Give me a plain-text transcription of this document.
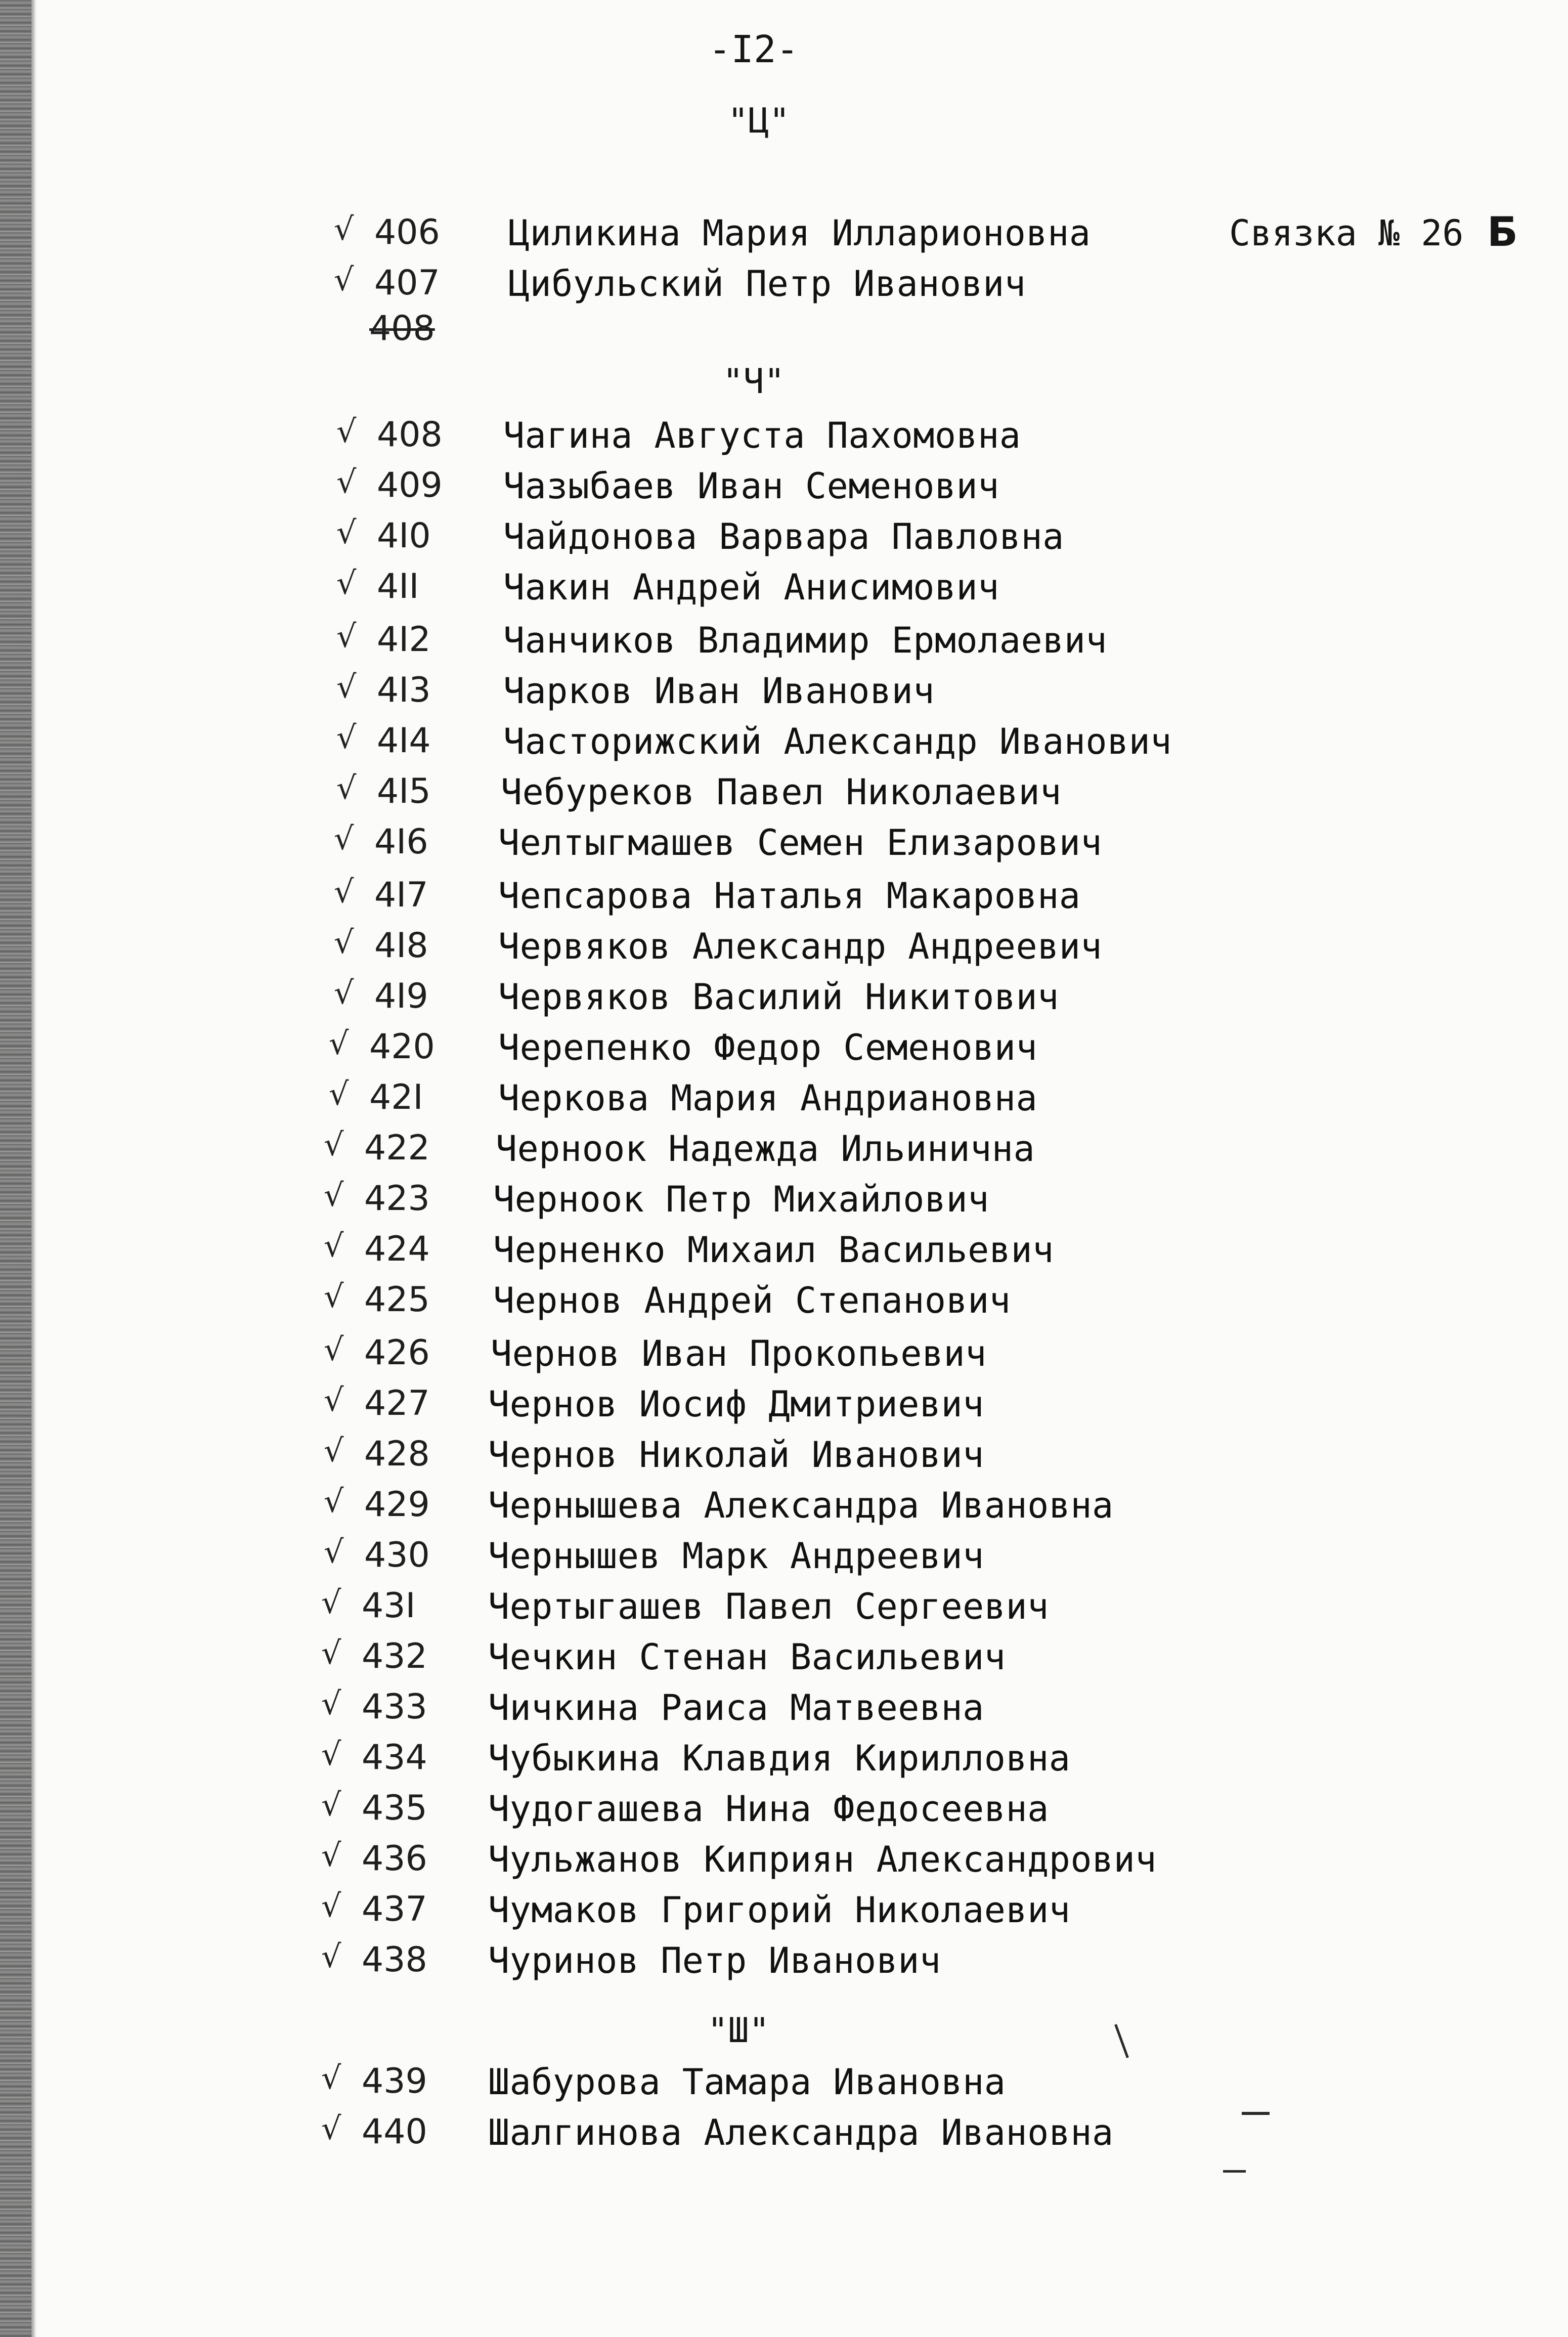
-I2-
Связка № 26 Б
"Ц"
"Ч"
"Ш"
√ 406 Циликина Мария Илларионовна
√ 407 Цибульский Петр Иванович
408
√ 408 Чагина Августа Пахомовна
√ 409 Чазыбаев Иван Семенович
√ 4I0 Чайдонова Варвара Павловна
√ 4II Чакин Андрей Анисимович
√ 4I2 Чанчиков Владимир Ермолаевич
√ 4I3 Чарков Иван Иванович
√ 4I4 Часторижский Александр Иванович
√ 4I5 Чебуреков Павел Николаевич
√ 4I6 Челтыгмашев Семен Елизарович
√ 4I7 Чепсарова Наталья Макаровна
√ 4I8 Червяков Александр Андреевич
√ 4I9 Червяков Василий Никитович
√ 420 Черепенко Федор Семенович
√ 42I Черкова Мария Андриановна
√ 422 Черноок Надежда Ильинична
√ 423 Черноок Петр Михайлович
√ 424 Черненко Михаил Васильевич
√ 425 Чернов Андрей Степанович
√ 426 Чернов Иван Прокопьевич
√ 427 Чернов Иосиф Дмитриевич
√ 428 Чернов Николай Иванович
√ 429 Чернышева Александра Ивановна
√ 430 Чернышев Марк Андреевич
√ 43I Чертыгашев Павел Сергеевич
√ 432 Чечкин Стенан Васильевич
√ 433 Чичкина Раиса Матвеевна
√ 434 Чубыкина Клавдия Кирилловна
√ 435 Чудогашева Нина Федосеевна
√ 436 Чульжанов Киприян Александрович
√ 437 Чумаков Григорий Николаевич
√ 438 Чуринов Петр Иванович
√ 439 Шабурова Тамара Ивановна
√ 440 Шалгинова Александра Ивановна
